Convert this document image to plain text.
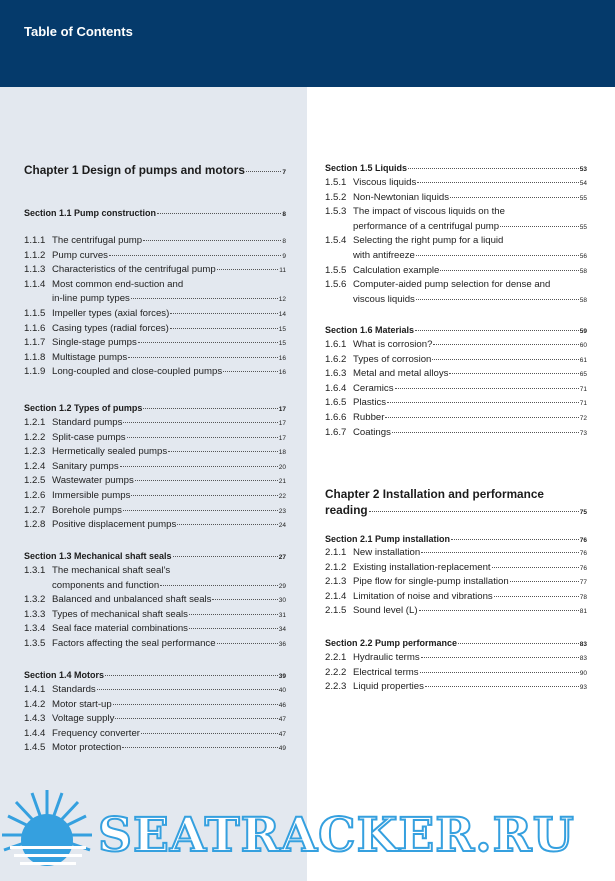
Table of Contents
Chapter 1 Design of pumps and motors	7
Section 1.1 Pump construction	8
1.1.1 The centrifugal pump	8
1.1.2 Pump curves	9
1.1.3 Characteristics of the centrifugal pump	11
1.1.4 Most common end-suction and
in-line pump types	12
1.1.5 Impeller types (axial forces)	14
1.1.6 Casing types (radial forces)	15
1.1.7 Single-stage pumps	15
1.1.8 Multistage pumps	16
1.1.9 Long-coupled and close-coupled pumps	16
Section 1.2 Types of pumps	17
1.2.1 Standard pumps	17
1.2.2 Split-case pumps	17
1.2.3 Hermetically sealed pumps	18
1.2.4 Sanitary pumps	20
1.2.5 Wastewater pumps	21
1.2.6 Immersible pumps	22
1.2.7 Borehole pumps	23
1.2.8 Positive displacement pumps	24
Section 1.3 Mechanical shaft seals	27
1.3.1 The mechanical shaft seal’s
components and function	29
1.3.2 Balanced and unbalanced shaft seals	30
1.3.3 Types of mechanical shaft seals	31
1.3.4 Seal face material combinations	34
1.3.5 Factors affecting the seal performance	36
Section 1.4 Motors	39
1.4.1 Standards	40
1.4.2 Motor start-up	46
1.4.3 Voltage supply	47
1.4.4 Frequency converter	47
1.4.5 Motor protection	49
Section 1.5 Liquids	53
1.5.1 Viscous liquids	54
1.5.2 Non-Newtonian liquids	55
1.5.3 The impact of viscous liquids on the
performance of a centrifugal pump	55
1.5.4 Selecting the right pump for a liquid
with antifreeze	56
1.5.5 Calculation example	58
1.5.6 Computer-aided pump selection for dense and
viscous liquids	58
Section 1.6 Materials	59
1.6.1 What is corrosion?	60
1.6.2 Types of corrosion	61
1.6.3 Metal and metal alloys	65
1.6.4 Ceramics	71
1.6.5 Plastics	71
1.6.6 Rubber	72
1.6.7 Coatings	73
Chapter 2 Installation and performance
reading	75
Section 2.1 Pump installation	76
2.1.1 New installation	76
2.1.2 Existing installation-replacement	76
2.1.3 Pipe flow for single-pump installation	77
2.1.4 Limitation of noise and vibrations	78
2.1.5 Sound level (L)	81
Section 2.2 Pump performance	83
2.2.1 Hydraulic terms	83
2.2.2 Electrical terms	90
2.2.3 Liquid properties	93
SEATRACKER.RU
